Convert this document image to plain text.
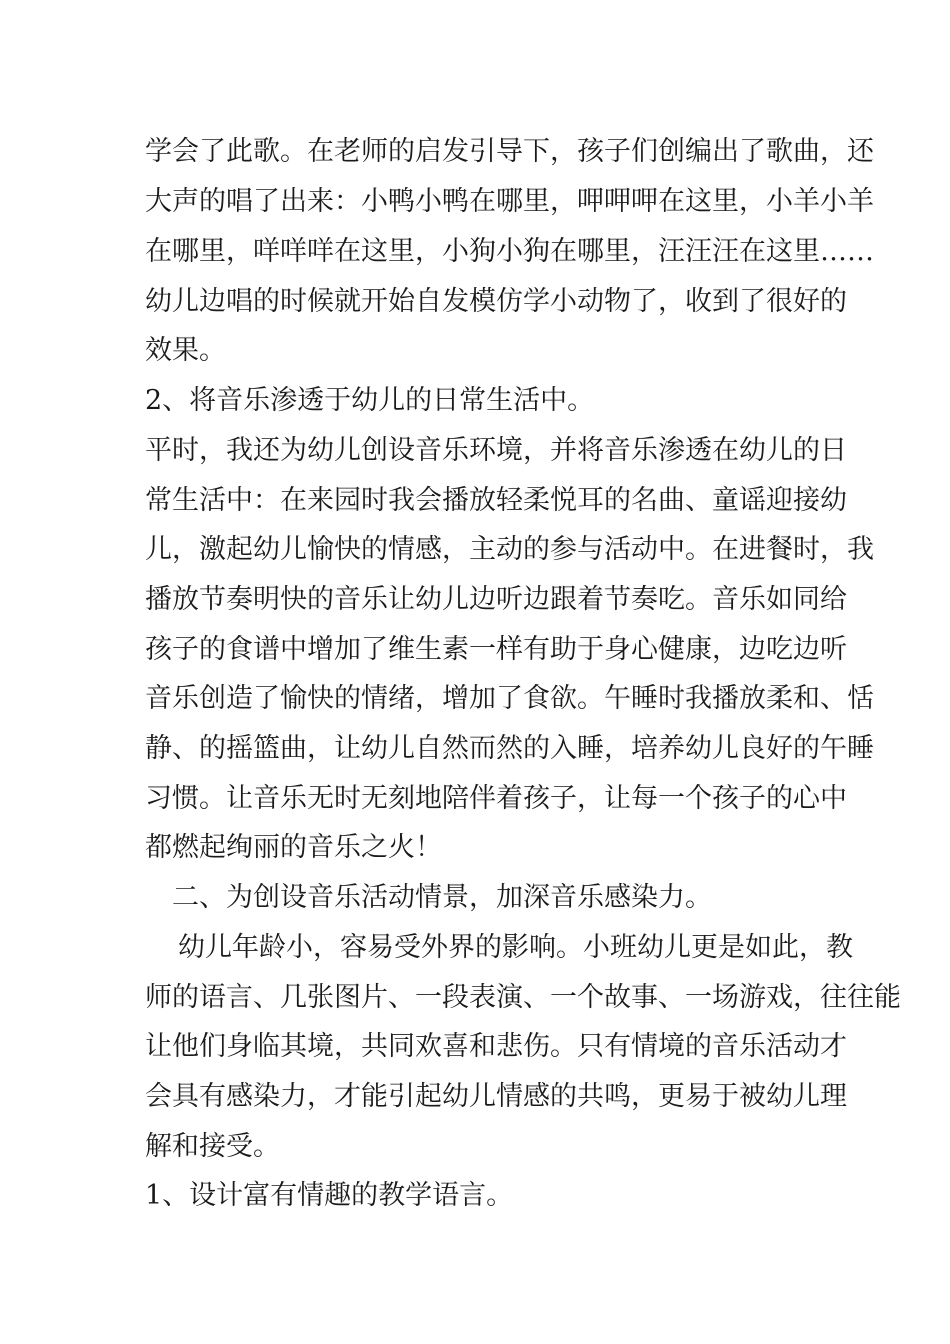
学会了此歌。在老师的启发引导下，孩子们创编出了歌曲，还
大声的唱了出来：小鸭小鸭在哪里，呷呷呷在这里，小羊小羊
在哪里，咩咩咩在这里，小狗小狗在哪里，汪汪汪在这里……
幼儿边唱的时候就开始自发模仿学小动物了，收到了很好的
效果。
2、将音乐渗透于幼儿的日常生活中。
平时，我还为幼儿创设音乐环境，并将音乐渗透在幼儿的日
常生活中：在来园时我会播放轻柔悦耳的名曲、童谣迎接幼
儿，激起幼儿愉快的情感，主动的参与活动中。在进餐时，我
播放节奏明快的音乐让幼儿边听边跟着节奏吃。音乐如同给
孩子的食谱中增加了维生素一样有助于身心健康，边吃边听
音乐创造了愉快的情绪，增加了食欲。午睡时我播放柔和、恬
静、的摇篮曲，让幼儿自然而然的入睡，培养幼儿良好的午睡
习惯。让音乐无时无刻地陪伴着孩子，让每一个孩子的心中
都燃起绚丽的音乐之火！
二、为创设音乐活动情景，加深音乐感染力。
幼儿年龄小，容易受外界的影响。小班幼儿更是如此，教
师的语言、几张图片、一段表演、一个故事、一场游戏，往往能
让他们身临其境，共同欢喜和悲伤。只有情境的音乐活动才
会具有感染力，才能引起幼儿情感的共鸣，更易于被幼儿理
解和接受。
1、设计富有情趣的教学语言。
